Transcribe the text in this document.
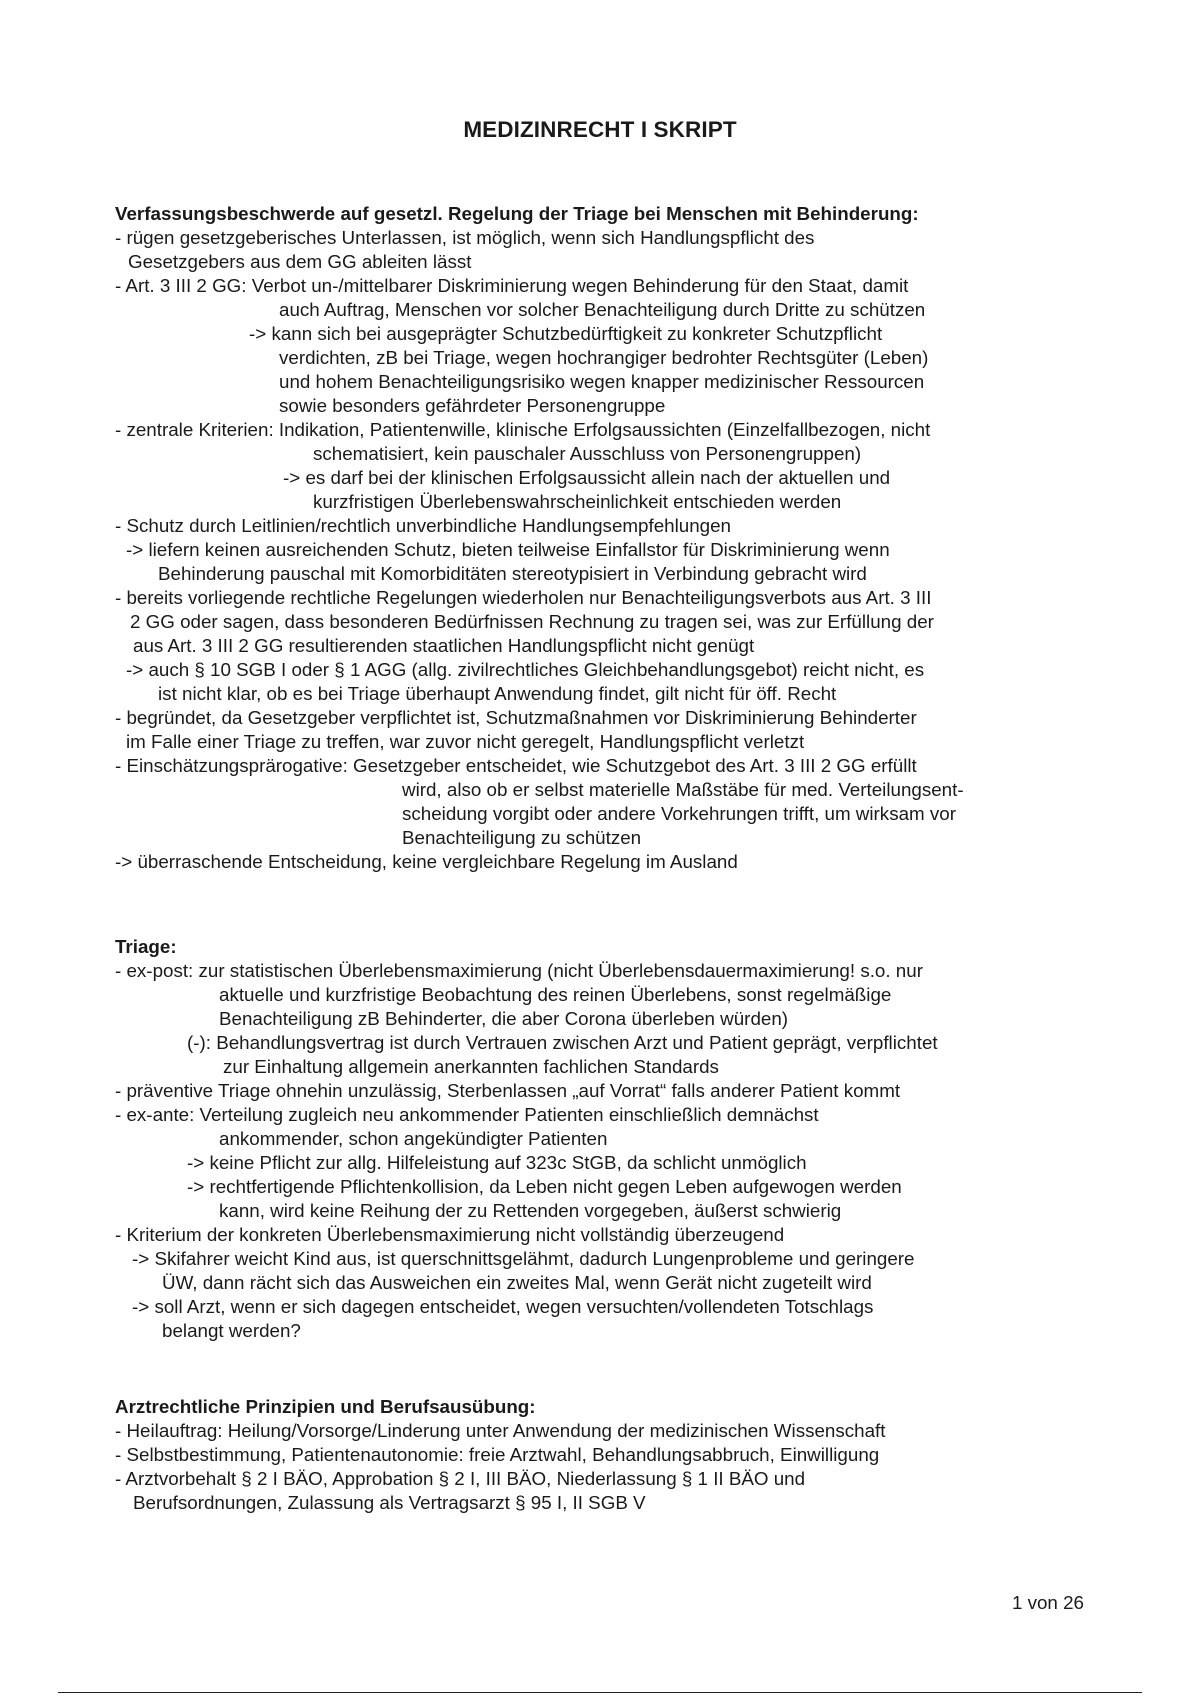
MEDIZINRECHT I SKRIPT
Verfassungsbeschwerde auf gesetzl. Regelung der Triage bei Menschen mit Behinderung:
- rügen gesetzgeberisches Unterlassen, ist möglich, wenn sich Handlungspflicht des
Gesetzgebers aus dem GG ableiten lässt
- Art. 3 III 2 GG: Verbot un-/mittelbarer Diskriminierung wegen Behinderung für den Staat, damit
auch Auftrag, Menschen vor solcher Benachteiligung durch Dritte zu schützen
-> kann sich bei ausgeprägter Schutzbedürftigkeit zu konkreter Schutzpflicht
verdichten, zB bei Triage, wegen hochrangiger bedrohter Rechtsgüter (Leben)
und hohem Benachteiligungsrisiko wegen knapper medizinischer Ressourcen
sowie besonders gefährdeter Personengruppe
- zentrale Kriterien: Indikation, Patientenwille, klinische Erfolgsaussichten (Einzelfallbezogen, nicht
schematisiert, kein pauschaler Ausschluss von Personengruppen)
-> es darf bei der klinischen Erfolgsaussicht allein nach der aktuellen und
kurzfristigen Überlebenswahrscheinlichkeit entschieden werden
- Schutz durch Leitlinien/rechtlich unverbindliche Handlungsempfehlungen
-> liefern keinen ausreichenden Schutz, bieten teilweise Einfallstor für Diskriminierung wenn
Behinderung pauschal mit Komorbiditäten stereotypisiert in Verbindung gebracht wird
- bereits vorliegende rechtliche Regelungen wiederholen nur Benachteiligungsverbots aus Art. 3 III
2 GG oder sagen, dass besonderen Bedürfnissen Rechnung zu tragen sei, was zur Erfüllung der
aus Art. 3 III 2 GG resultierenden staatlichen Handlungspflicht nicht genügt
-> auch § 10 SGB I oder § 1 AGG (allg. zivilrechtliches Gleichbehandlungsgebot) reicht nicht, es
ist nicht klar, ob es bei Triage überhaupt Anwendung findet, gilt nicht für öff. Recht
- begründet, da Gesetzgeber verpflichtet ist, Schutzmaßnahmen vor Diskriminierung Behinderter
im Falle einer Triage zu treffen, war zuvor nicht geregelt, Handlungspflicht verletzt
- Einschätzungsprärogative: Gesetzgeber entscheidet, wie Schutzgebot des Art. 3 III 2 GG erfüllt
wird, also ob er selbst materielle Maßstäbe für med. Verteilungsent-
scheidung vorgibt oder andere Vorkehrungen trifft, um wirksam vor
Benachteiligung zu schützen
-> überraschende Entscheidung, keine vergleichbare Regelung im Ausland
Triage:
- ex-post: zur statistischen Überlebensmaximierung (nicht Überlebensdauermaximierung! s.o. nur
aktuelle und kurzfristige Beobachtung des reinen Überlebens, sonst regelmäßige
Benachteiligung zB Behinderter, die aber Corona überleben würden)
(-): Behandlungsvertrag ist durch Vertrauen zwischen Arzt und Patient geprägt, verpflichtet
zur Einhaltung allgemein anerkannten fachlichen Standards
- präventive Triage ohnehin unzulässig, Sterbenlassen „auf Vorrat“ falls anderer Patient kommt
- ex-ante: Verteilung zugleich neu ankommender Patienten einschließlich demnächst
ankommender, schon angekündigter Patienten
-> keine Pflicht zur allg. Hilfeleistung auf 323c StGB, da schlicht unmöglich
-> rechtfertigende Pflichtenkollision, da Leben nicht gegen Leben aufgewogen werden
kann, wird keine Reihung der zu Rettenden vorgegeben, äußerst schwierig
- Kriterium der konkreten Überlebensmaximierung nicht vollständig überzeugend
-> Skifahrer weicht Kind aus, ist querschnittsgelähmt, dadurch Lungenprobleme und geringere
ÜW, dann rächt sich das Ausweichen ein zweites Mal, wenn Gerät nicht zugeteilt wird
-> soll Arzt, wenn er sich dagegen entscheidet, wegen versuchten/vollendeten Totschlags
belangt werden?
Arztrechtliche Prinzipien und Berufsausübung:
- Heilauftrag: Heilung/Vorsorge/Linderung unter Anwendung der medizinischen Wissenschaft
- Selbstbestimmung, Patientenautonomie: freie Arztwahl, Behandlungsabbruch, Einwilligung
- Arztvorbehalt § 2 I BÄO, Approbation § 2 I, III BÄO, Niederlassung § 1 II BÄO und
Berufsordnungen, Zulassung als Vertragsarzt § 95 I, II SGB V
1 von 26
